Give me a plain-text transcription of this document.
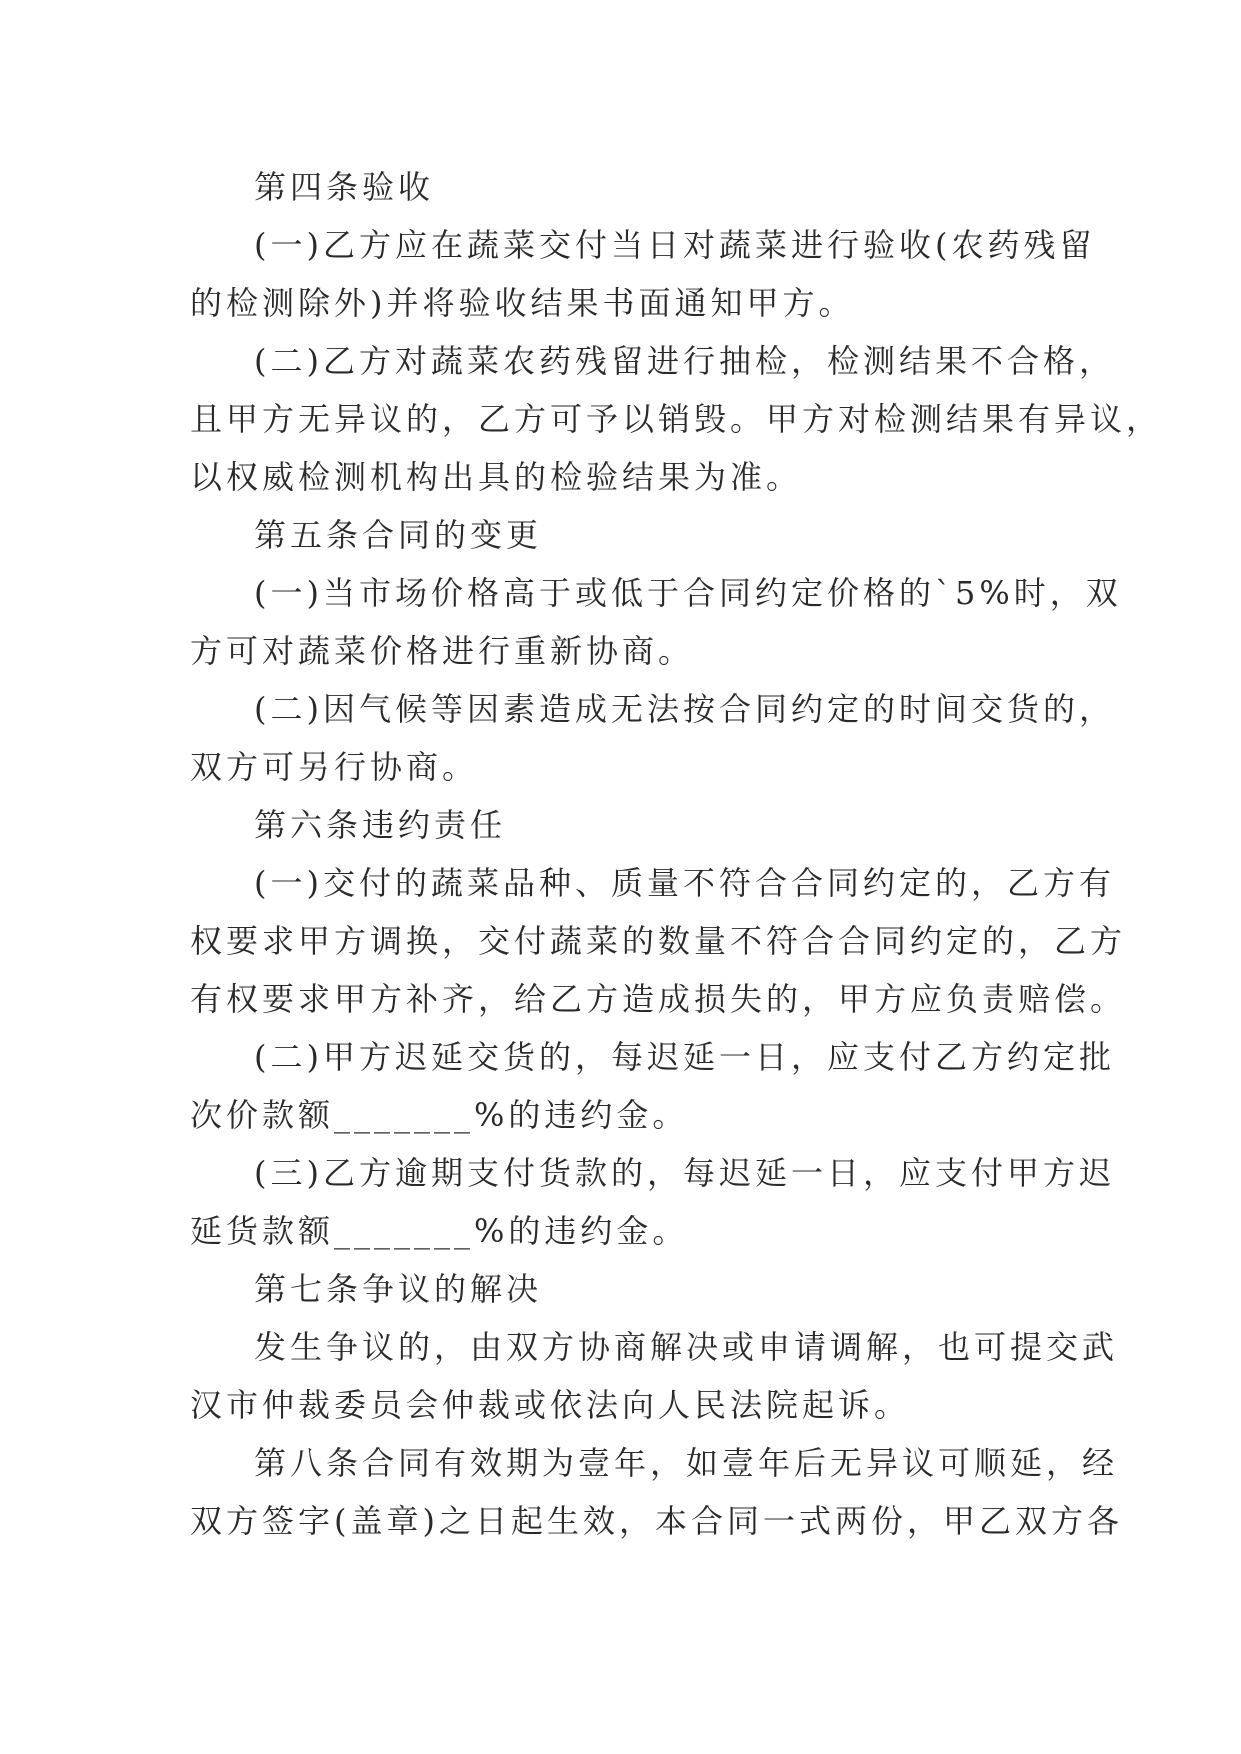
第四条验收
(一)乙方应在蔬菜交付当日对蔬菜进行验收(农药残留
的检测除外)并将验收结果书面通知甲方。
(二)乙方对蔬菜农药残留进行抽检，检测结果不合格，
且甲方无异议的，乙方可予以销毁。甲方对检测结果有异议，
以权威检测机构出具的检验结果为准。
第五条合同的变更
(一)当市场价格高于或低于合同约定价格的`5%时，双
方可对蔬菜价格进行重新协商。
(二)因气候等因素造成无法按合同约定的时间交货的，
双方可另行协商。
第六条违约责任
(一)交付的蔬菜品种、质量不符合合同约定的，乙方有
权要求甲方调换，交付蔬菜的数量不符合合同约定的，乙方
有权要求甲方补齐，给乙方造成损失的，甲方应负责赔偿。
(二)甲方迟延交货的，每迟延一日，应支付乙方约定批
次价款额_______%的违约金。
(三)乙方逾期支付货款的，每迟延一日，应支付甲方迟
延货款额_______%的违约金。
第七条争议的解决
发生争议的，由双方协商解决或申请调解，也可提交武
汉市仲裁委员会仲裁或依法向人民法院起诉。
第八条合同有效期为壹年，如壹年后无异议可顺延，经
双方签字(盖章)之日起生效，本合同一式两份，甲乙双方各
